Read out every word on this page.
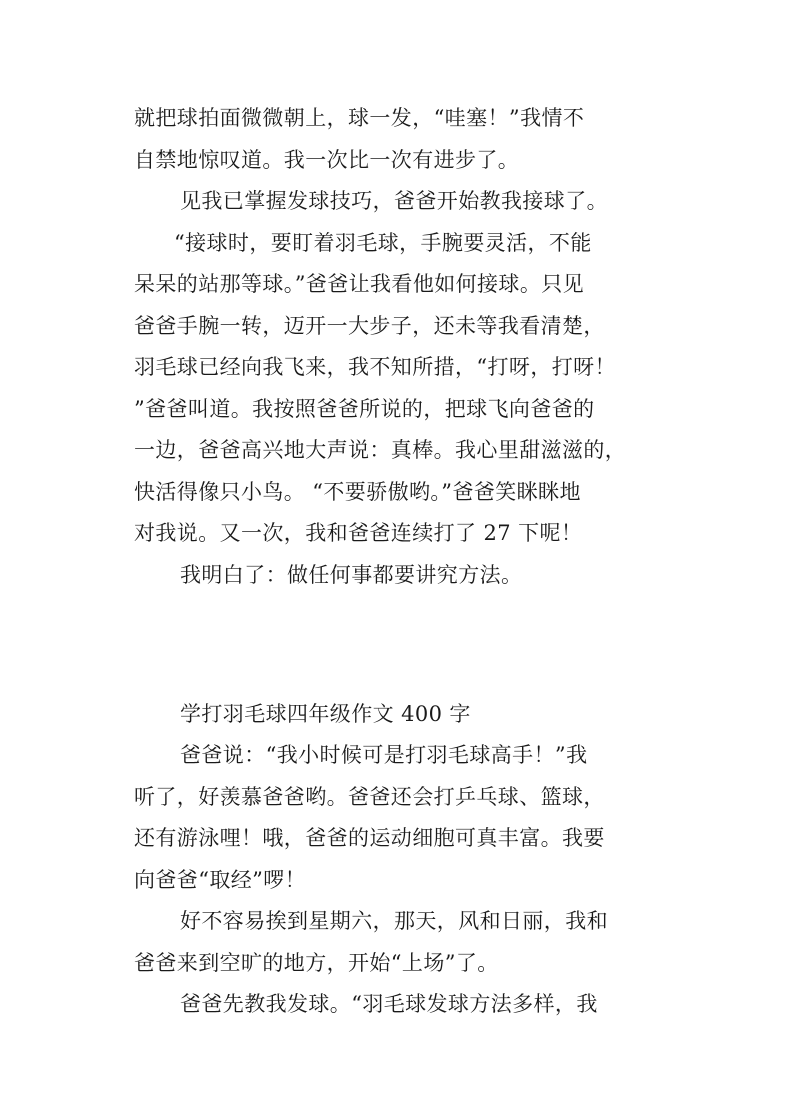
就把球拍面微微朝上，球一发，“哇塞！”我情不

自禁地惊叹道。我一次比一次有进步了。

见我已掌握发球技巧，爸爸开始教我接球了。

“接球时，要盯着羽毛球，手腕要灵活，不能

呆呆的站那等球。”爸爸让我看他如何接球。只见

爸爸手腕一转，迈开一大步子，还未等我看清楚，

羽毛球已经向我飞来，我不知所措，“打呀，打呀！

”爸爸叫道。我按照爸爸所说的，把球飞向爸爸的

一边，爸爸高兴地大声说：真棒。我心里甜滋滋的，

快活得像只小鸟。 “不要骄傲哟。”爸爸笑眯眯地

对我说。又一次，我和爸爸连续打了 27 下呢！

我明白了：做任何事都要讲究方法。

学打羽毛球四年级作文 400 字

爸爸说：“我小时候可是打羽毛球高手！”我

听了，好羡慕爸爸哟。爸爸还会打乒乓球、篮球，

还有游泳哩！哦，爸爸的运动细胞可真丰富。我要

向爸爸“取经”啰！

好不容易挨到星期六，那天，风和日丽，我和

爸爸来到空旷的地方，开始“上场”了。

爸爸先教我发球。“羽毛球发球方法多样，我
